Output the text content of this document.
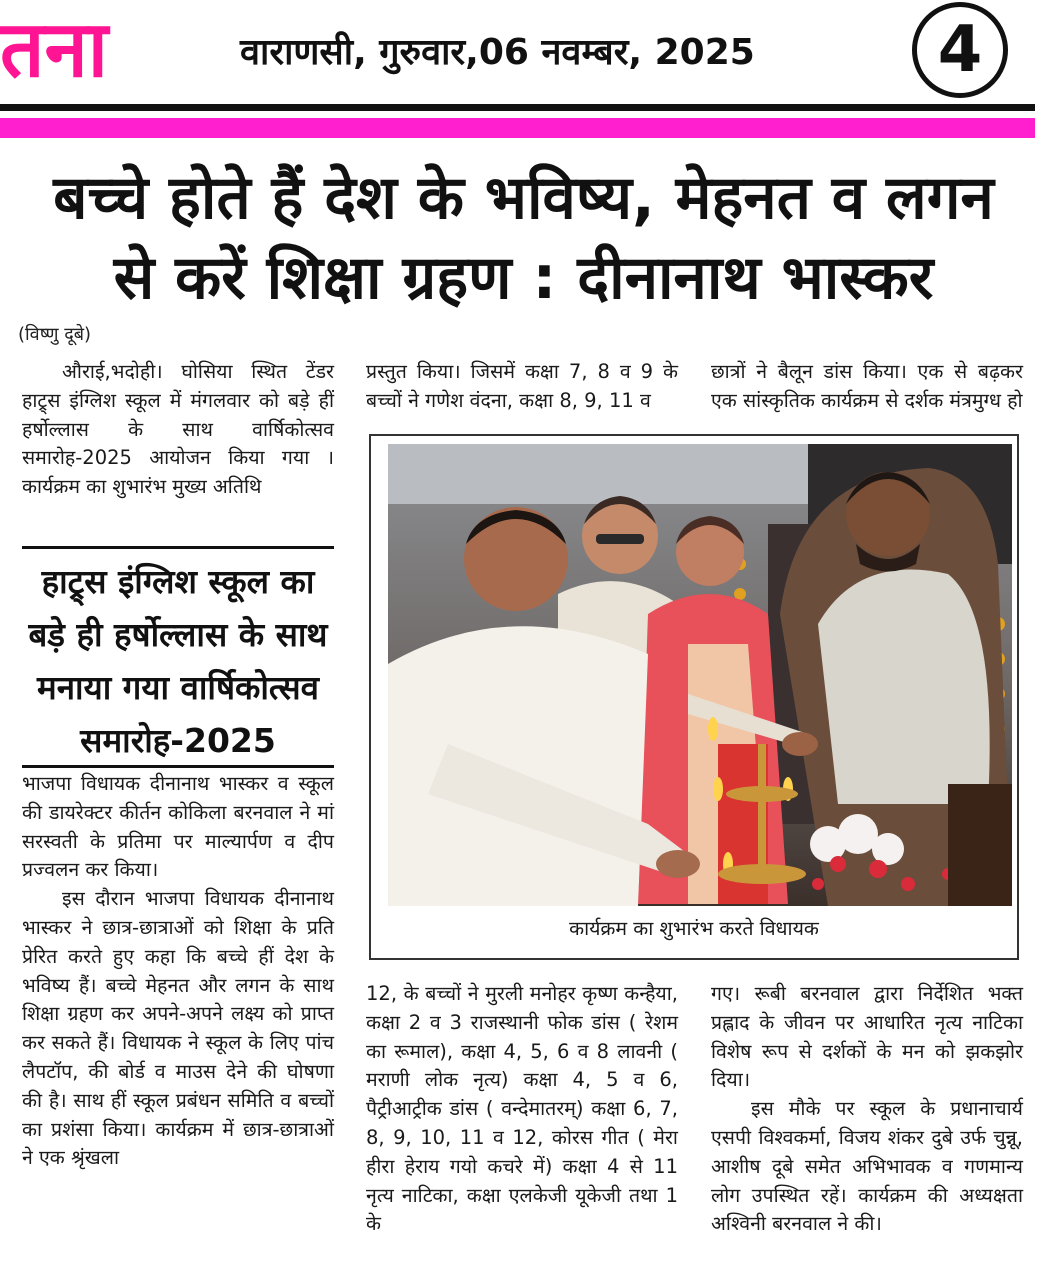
तना	वाराणसी, गुरुवार,06 नवम्बर, 2025	4
बच्चे होते हैं देश के भविष्य, मेहनत व लगन
से करें शिक्षा ग्रहण : दीनानाथ भास्कर
(विष्णु दूबे)

औराई,भदोही। घोसिया स्थित टेंडर हाट्र्स इंग्लिश स्कूल में मंगलवार को बड़े हीं हर्षोल्लास के साथ वार्षिकोत्सव समारोह-2025 आयोजन किया गया ।कार्यक्रम का शुभारंभ मुख्य अतिथि

हाट्र्स इंग्लिश स्कूल का बड़े ही हर्षोल्लास के साथ मनाया गया वार्षिकोत्सव समारोह-2025

भाजपा विधायक दीनानाथ भास्कर व स्कूल की डायरेक्टर कीर्तन कोकिला बरनवाल ने मां सरस्वती के प्रतिमा पर माल्यार्पण व दीप प्रज्वलन कर किया।

इस दौरान भाजपा विधायक दीनानाथ भास्कर ने छात्र-छात्राओं को शिक्षा के प्रति प्रेरित करते हुए कहा कि बच्चे हीं देश के भविष्य हैं। बच्चे मेहनत और लगन के साथ शिक्षा ग्रहण कर अपने-अपने लक्ष्य को प्राप्त कर सकते हैं। विधायक ने स्कूल के लिए पांच लैपटॉप, की बोर्ड व माउस देने की घोषणा की है। साथ हीं स्कूल प्रबंधन समिति व बच्चों का प्रशंसा किया। कार्यक्रम में छात्र-छात्राओं ने एक श्रृंखला

प्रस्तुत किया। जिसमें कक्षा 7, 8 व 9 के बच्चों ने गणेश वंदना, कक्षा 8, 9, 11 व

छात्रों ने बैलून डांस किया। एक से बढ़कर एक सांस्कृतिक कार्यक्रम से दर्शक मंत्रमुग्ध हो

कार्यक्रम का शुभारंभ करते विधायक

12, के बच्चों ने मुरली मनोहर कृष्ण कन्हैया, कक्षा 2 व 3 राजस्थानी फोक डांस ( रेशम का रूमाल), कक्षा 4, 5, 6 व 8 लावनी ( मराणी लोक नृत्य) कक्षा 4, 5 व 6, पैट्रीआट्रीक डांस ( वन्देमातरम्) कक्षा 6, 7, 8, 9, 10, 11 व 12, कोरस गीत ( मेरा हीरा हेराय गयो कचरे में) कक्षा 4 से 11 नृत्य नाटिका, कक्षा एलकेजी यूकेजी तथा 1 के

गए। रूबी बरनवाल द्वारा निर्देशित भक्त प्रह्लाद के जीवन पर आधारित नृत्य नाटिका विशेष रूप से दर्शकों के मन को झकझोर दिया।

इस मौके पर स्कूल के प्रधानाचार्य एसपी विश्वकर्मा, विजय शंकर दुबे उर्फ चुन्नू, आशीष दूबे समेत अभिभावक व गणमान्य लोग उपस्थित रहें। कार्यक्रम की अध्यक्षता अश्विनी बरनवाल ने की।
